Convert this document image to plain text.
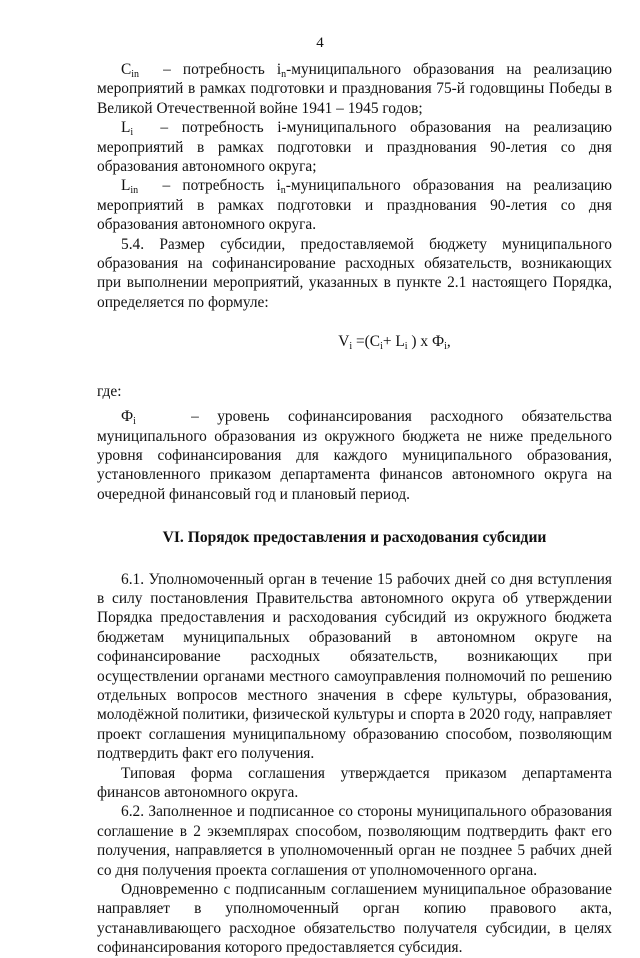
4

$C_{in}$ – потребность $i_n$-муниципального образования на реализацию мероприятий в рамках подготовки и празднования 75-й годовщины Победы в Великой Отечественной войне 1941 – 1945 годов;

$L_i$ – потребность i-муниципального образования на реализацию мероприятий в рамках подготовки и празднования 90-летия со дня образования автономного округа;

$L_{in}$ – потребность $i_n$-муниципального образования на реализацию мероприятий в рамках подготовки и празднования 90-летия со дня образования автономного округа.

5.4. Размер субсидии, предоставляемой бюджету муниципального образования на софинансирование расходных обязательств, возникающих при выполнении мероприятий, указанных в пункте 2.1 настоящего Порядка, определяется по формуле:

$V_i =(C_i+ L_i$ ) х $Ф_i$,

где:

$Ф_i$	– уровень софинансирования расходного обязательства муниципального образования из окружного бюджета не ниже предельного уровня софинансирования для каждого муниципального образования, установленного приказом департамента финансов автономного округа на очередной финансовый год и плановый период.

VI. Порядок предоставления и расходования субсидии

6.1. Уполномоченный орган в течение 15 рабочих дней со дня вступления в силу постановления Правительства автономного округа об утверждении Порядка предоставления и расходования субсидий из окружного бюджета бюджетам муниципальных образований в автономном округе на софинансирование расходных обязательств, возникающих при осуществлении органами местного самоуправления полномочий по решению отдельных вопросов местного значения в сфере культуры, образования, молодёжной политики, физической культуры и спорта в 2020 году, направляет проект соглашения муниципальному образованию способом, позволяющим подтвердить факт его получения.

Типовая форма соглашения утверждается приказом департамента финансов автономного округа.

6.2. Заполненное и подписанное со стороны муниципального образования соглашение в 2 экземплярах способом, позволяющим подтвердить факт его получения, направляется в уполномоченный орган не позднее 5 рабчих дней со дня получения проекта соглашения от уполномоченного органа.

Одновременно с подписанным соглашением муниципальное образование направляет в уполномоченный орган копию правового акта, устанавливающего расходное обязательство получателя субсидии, в целях софинансирования которого предоставляется субсидия.
